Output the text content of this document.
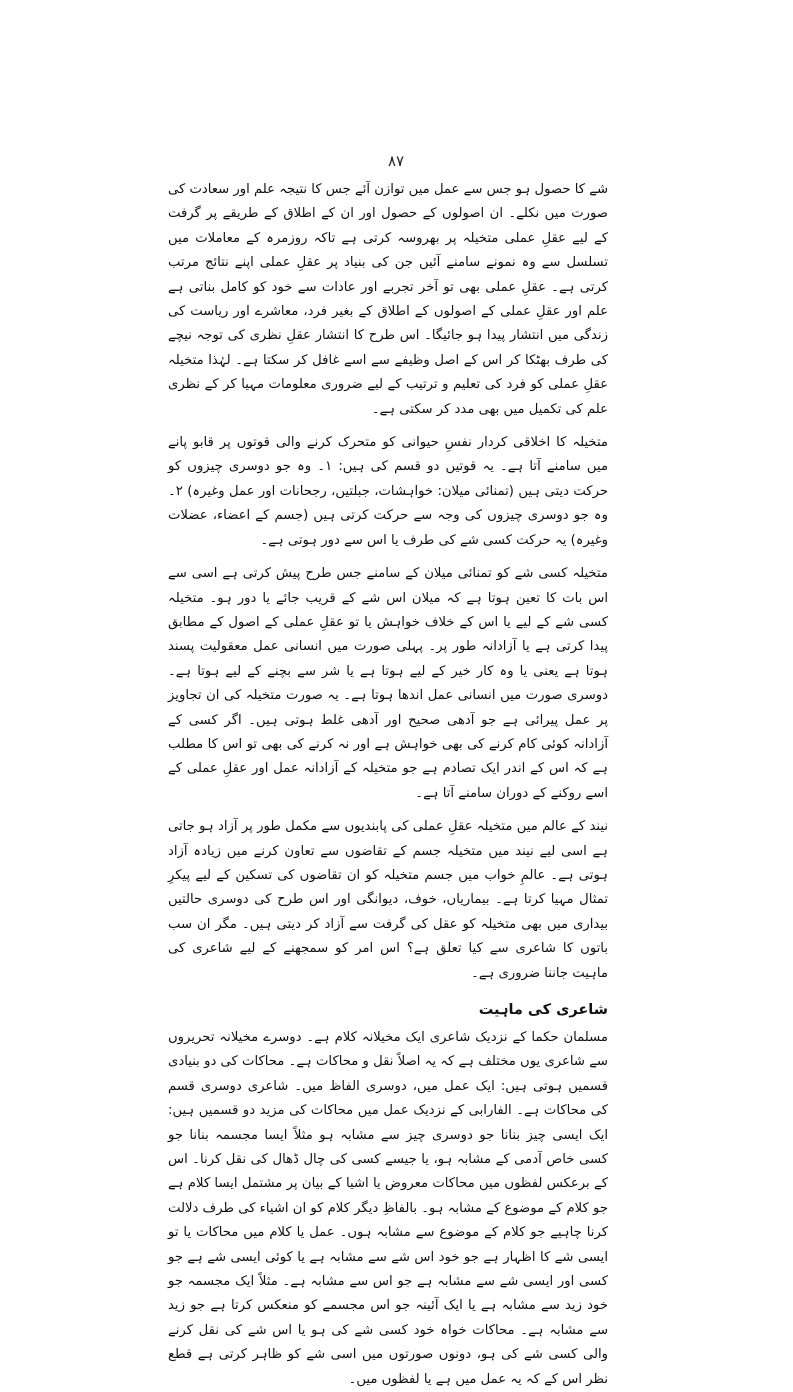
۸۷

شے کا حصول ہو جس سے عمل میں توازن آئے جس کا نتیجہ علم اور سعادت کی صورت میں نکلے۔ ان اصولوں کے حصول اور ان کے اطلاق کے طریقے پر گرفت کے لیے عقلِ عملی متخیلہ پر بھروسہ کرتی ہے تاکہ روزمرہ کے معاملات میں تسلسل سے وہ نمونے سامنے آئیں جن کی بنیاد پر عقلِ عملی اپنے نتائج مرتب کرتی ہے۔ عقلِ عملی بھی تو آخر تجربے اور عادات سے خود کو کامل بناتی ہے علم اور عقلِ عملی کے اصولوں کے اطلاق کے بغیر فرد، معاشرے اور ریاست کی زندگی میں انتشار پیدا ہو جائیگا۔ اس طرح کا انتشار عقلِ نظری کی توجہ نیچے کی طرف بھٹکا کر اس کے اصل وظیفے سے اسے غافل کر سکتا ہے۔ لہٰذا متخیلہ عقلِ عملی کو فرد کی تعلیم و ترتیب کے لیے ضروری معلومات مہیا کر کے نظری علم کی تکمیل میں بھی مدد کر سکتی ہے۔

متخیلہ کا اخلاقی کردار نفسِ حیوانی کو متحرک کرنے والی قوتوں پر قابو پانے میں سامنے آتا ہے۔ یہ قوتیں دو قسم کی ہیں: ۱۔ وہ جو دوسری چیزوں کو حرکت دیتی ہیں (تمنائی میلان: خواہشات، جبلتیں، رجحانات اور عمل وغیرہ) ۲۔ وہ جو دوسری چیزوں کی وجہ سے حرکت کرتی ہیں (جسم کے اعضاء، عضلات وغیرہ) یہ حرکت کسی شے کی طرف یا اس سے دور ہوتی ہے۔

متخیلہ کسی شے کو تمنائی میلان کے سامنے جس طرح پیش کرتی ہے اسی سے اس بات کا تعین ہوتا ہے کہ میلان اس شے کے قریب جائے یا دور ہو۔ متخیلہ کسی شے کے لیے یا اس کے خلاف خواہش یا تو عقلِ عملی کے اصول کے مطابق پیدا کرتی ہے یا آزادانہ طور پر۔ پہلی صورت میں انسانی عمل معقولیت پسند ہوتا ہے یعنی یا وہ کار خیر کے لیے ہوتا ہے یا شر سے بچنے کے لیے ہوتا ہے۔ دوسری صورت میں انسانی عمل اندھا ہوتا ہے۔ یہ صورت متخیلہ کی ان تجاویز پر عمل پیرائی ہے جو آدھی صحیح اور آدھی غلط ہوتی ہیں۔ اگر کسی کے آزادانہ کوئی کام کرنے کی بھی خواہش ہے اور نہ کرنے کی بھی تو اس کا مطلب ہے کہ اس کے اندر ایک تصادم ہے جو متخیلہ کے آزادانہ عمل اور عقلِ عملی کے اسے روکنے کے دوران سامنے آتا ہے۔

نیند کے عالم میں متخیلہ عقلِ عملی کی پابندیوں سے مکمل طور پر آزاد ہو جاتی ہے اسی لیے نیند میں متخیلہ جسم کے تقاضوں سے تعاون کرنے میں زیادہ آزاد ہوتی ہے۔ عالمِ خواب میں جسم متخیلہ کو ان تقاضوں کی تسکین کے لیے پیکرِ تمثال مہیا کرتا ہے۔ بیماریاں، خوف، دیوانگی اور اس طرح کی دوسری حالتیں بیداری میں بھی متخیلہ کو عقل کی گرفت سے آزاد کر دیتی ہیں۔ مگر ان سب باتوں کا شاعری سے کیا تعلق ہے؟ اس امر کو سمجھنے کے لیے شاعری کی ماہیت جاننا ضروری ہے۔

شاعری کی ماہیت

مسلمان حکما کے نزدیک شاعری ایک مخیلانہ کلام ہے۔ دوسرے مخیلانہ تحریروں سے شاعری یوں مختلف ہے کہ یہ اصلاً نقل و محاکات ہے۔ محاکات کی دو بنیادی قسمیں ہوتی ہیں: ایک عمل میں، دوسری الفاظ میں۔ شاعری دوسری قسم کی محاکات ہے۔ الفارابی کے نزدیک عمل میں محاکات کی مزید دو قسمیں ہیں: ایک ایسی چیز بنانا جو دوسری چیز سے مشابہ ہو مثلاً ایسا مجسمہ بنانا جو کسی خاص آدمی کے مشابہ ہو، یا جیسے کسی کی چال ڈھال کی نقل کرنا۔ اس کے برعکس لفظوں میں محاکات معروض یا اشیا کے بیان پر مشتمل ایسا کلام ہے جو کلام کے موضوع کے مشابہ ہو۔ بالفاظِ دیگر کلام کو ان اشیاء کی طرف دلالت کرنا چاہیے جو کلام کے موضوع سے مشابہ ہوں۔ عمل یا کلام میں محاکات یا تو ایسی شے کا اظہار ہے جو خود اس شے سے مشابہ ہے یا کوئی ایسی شے ہے جو کسی اور ایسی شے سے مشابہ ہے جو اس سے مشابہ ہے۔ مثلاً ایک مجسمہ جو خود زید سے مشابہ ہے یا ایک آئینہ جو اس مجسمے کو منعکس کرتا ہے جو زید سے مشابہ ہے۔ محاکات خواہ خود کسی شے کی ہو یا اس شے کی نقل کرنے والی کسی شے کی ہو، دونوں صورتوں میں اسی شے کو ظاہر کرتی ہے قطع نظر اس کے کہ یہ عمل میں ہے یا لفظوں میں۔
